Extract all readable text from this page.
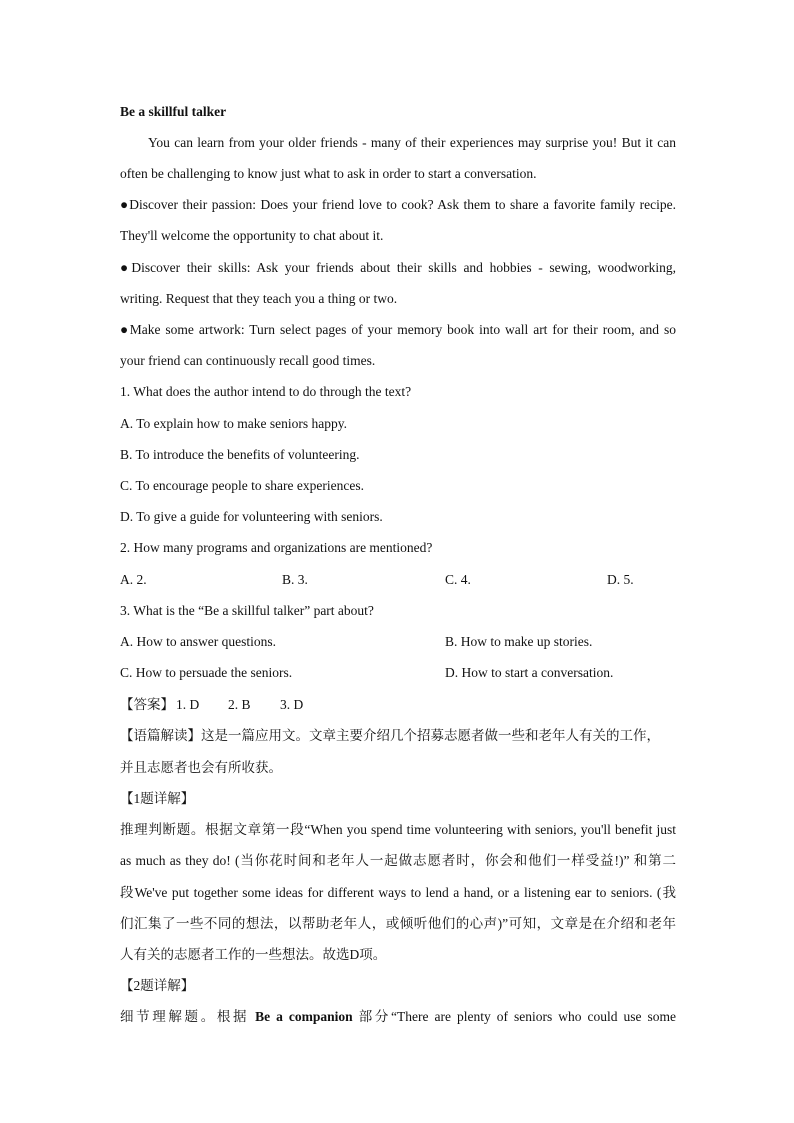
Be a skillful talker
You can learn from your older friends - many of their experiences may surprise you! But it can
often be challenging to know just what to ask in order to start a conversation.
●Discover their passion: Does your friend love to cook? Ask them to share a favorite family recipe.
They'll welcome the opportunity to chat about it.
●Discover their skills: Ask your friends about their skills and hobbies - sewing, woodworking,
writing. Request that they teach you a thing or two.
●Make some artwork: Turn select pages of your memory book into wall art for their room, and so
your friend can continuously recall good times.
1. What does the author intend to do through the text?
A. To explain how to make seniors happy.
B. To introduce the benefits of volunteering.
C. To encourage people to share experiences.
D. To give a guide for volunteering with seniors.
2. How many programs and organizations are mentioned?
A. 2.	B. 3.	C. 4.	D. 5.
3. What is the “Be a skillful talker” part about?
A. How to answer questions.	B. How to make up stories.
C. How to persuade the seniors.	D. How to start a conversation.
【答案】 1. D 2. B 3. D
【语篇解读】这是一篇应用文。文章主要介绍几个招募志愿者做一些和老年人有关的工作，
并且志愿者也会有所收获。
【1题详解】
推理判断题。根据文章第一段“When you spend time volunteering with seniors, you'll benefit just
as much as they do! (当你花时间和老年人一起做志愿者时，你会和他们一样受益!)” 和第二
段We've put together some ideas for different ways to lend a hand, or a listening ear to seniors. (我
们汇集了一些不同的想法，以帮助老年人，或倾听他们的心声)”可知，文章是在介绍和老年
人有关的志愿者工作的一些想法。故选D项。
【2题详解】
细节理解题。根据 Be a companion 部分“There are plenty of seniors who could use some
